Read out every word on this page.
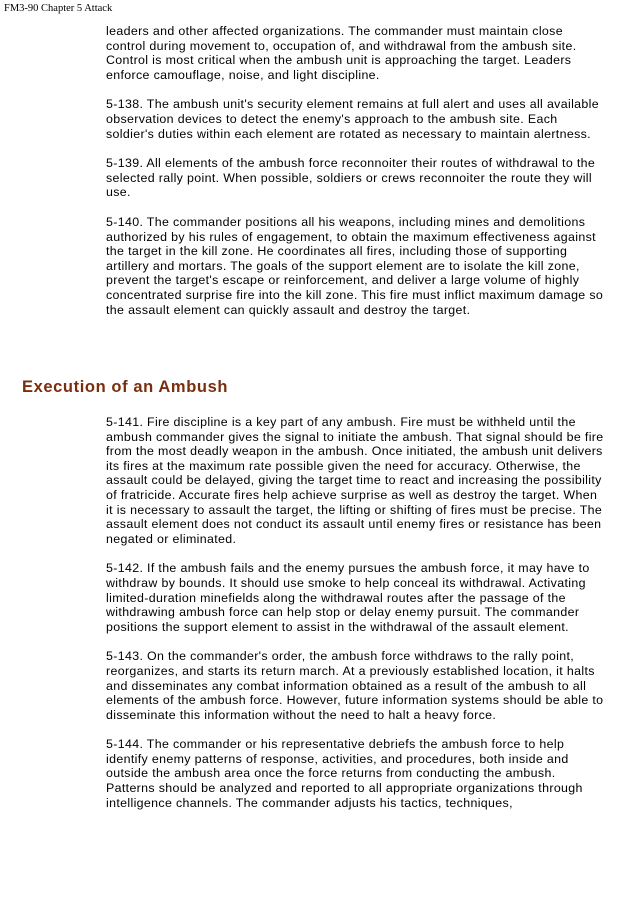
FM3-90 Chapter 5 Attack

leaders and other affected organizations. The commander must maintain close control during movement to, occupation of, and withdrawal from the ambush site. Control is most critical when the ambush unit is approaching the target. Leaders enforce camouflage, noise, and light discipline.

5-138. The ambush unit's security element remains at full alert and uses all available observation devices to detect the enemy's approach to the ambush site. Each soldier's duties within each element are rotated as necessary to maintain alertness.

5-139. All elements of the ambush force reconnoiter their routes of withdrawal to the selected rally point. When possible, soldiers or crews reconnoiter the route they will use.

5-140. The commander positions all his weapons, including mines and demolitions authorized by his rules of engagement, to obtain the maximum effectiveness against the target in the kill zone. He coordinates all fires, including those of supporting artillery and mortars. The goals of the support element are to isolate the kill zone, prevent the target's escape or reinforcement, and deliver a large volume of highly concentrated surprise fire into the kill zone. This fire must inflict maximum damage so the assault element can quickly assault and destroy the target.

Execution of an Ambush

5-141. Fire discipline is a key part of any ambush. Fire must be withheld until the ambush commander gives the signal to initiate the ambush. That signal should be fire from the most deadly weapon in the ambush. Once initiated, the ambush unit delivers its fires at the maximum rate possible given the need for accuracy. Otherwise, the assault could be delayed, giving the target time to react and increasing the possibility of fratricide. Accurate fires help achieve surprise as well as destroy the target. When it is necessary to assault the target, the lifting or shifting of fires must be precise. The assault element does not conduct its assault until enemy fires or resistance has been negated or eliminated.

5-142. If the ambush fails and the enemy pursues the ambush force, it may have to withdraw by bounds. It should use smoke to help conceal its withdrawal. Activating limited-duration minefields along the withdrawal routes after the passage of the withdrawing ambush force can help stop or delay enemy pursuit. The commander positions the support element to assist in the withdrawal of the assault element.

5-143. On the commander's order, the ambush force withdraws to the rally point, reorganizes, and starts its return march. At a previously established location, it halts and disseminates any combat information obtained as a result of the ambush to all elements of the ambush force. However, future information systems should be able to disseminate this information without the need to halt a heavy force.

5-144. The commander or his representative debriefs the ambush force to help identify enemy patterns of response, activities, and procedures, both inside and outside the ambush area once the force returns from conducting the ambush. Patterns should be analyzed and reported to all appropriate organizations through intelligence channels. The commander adjusts his tactics, techniques,
